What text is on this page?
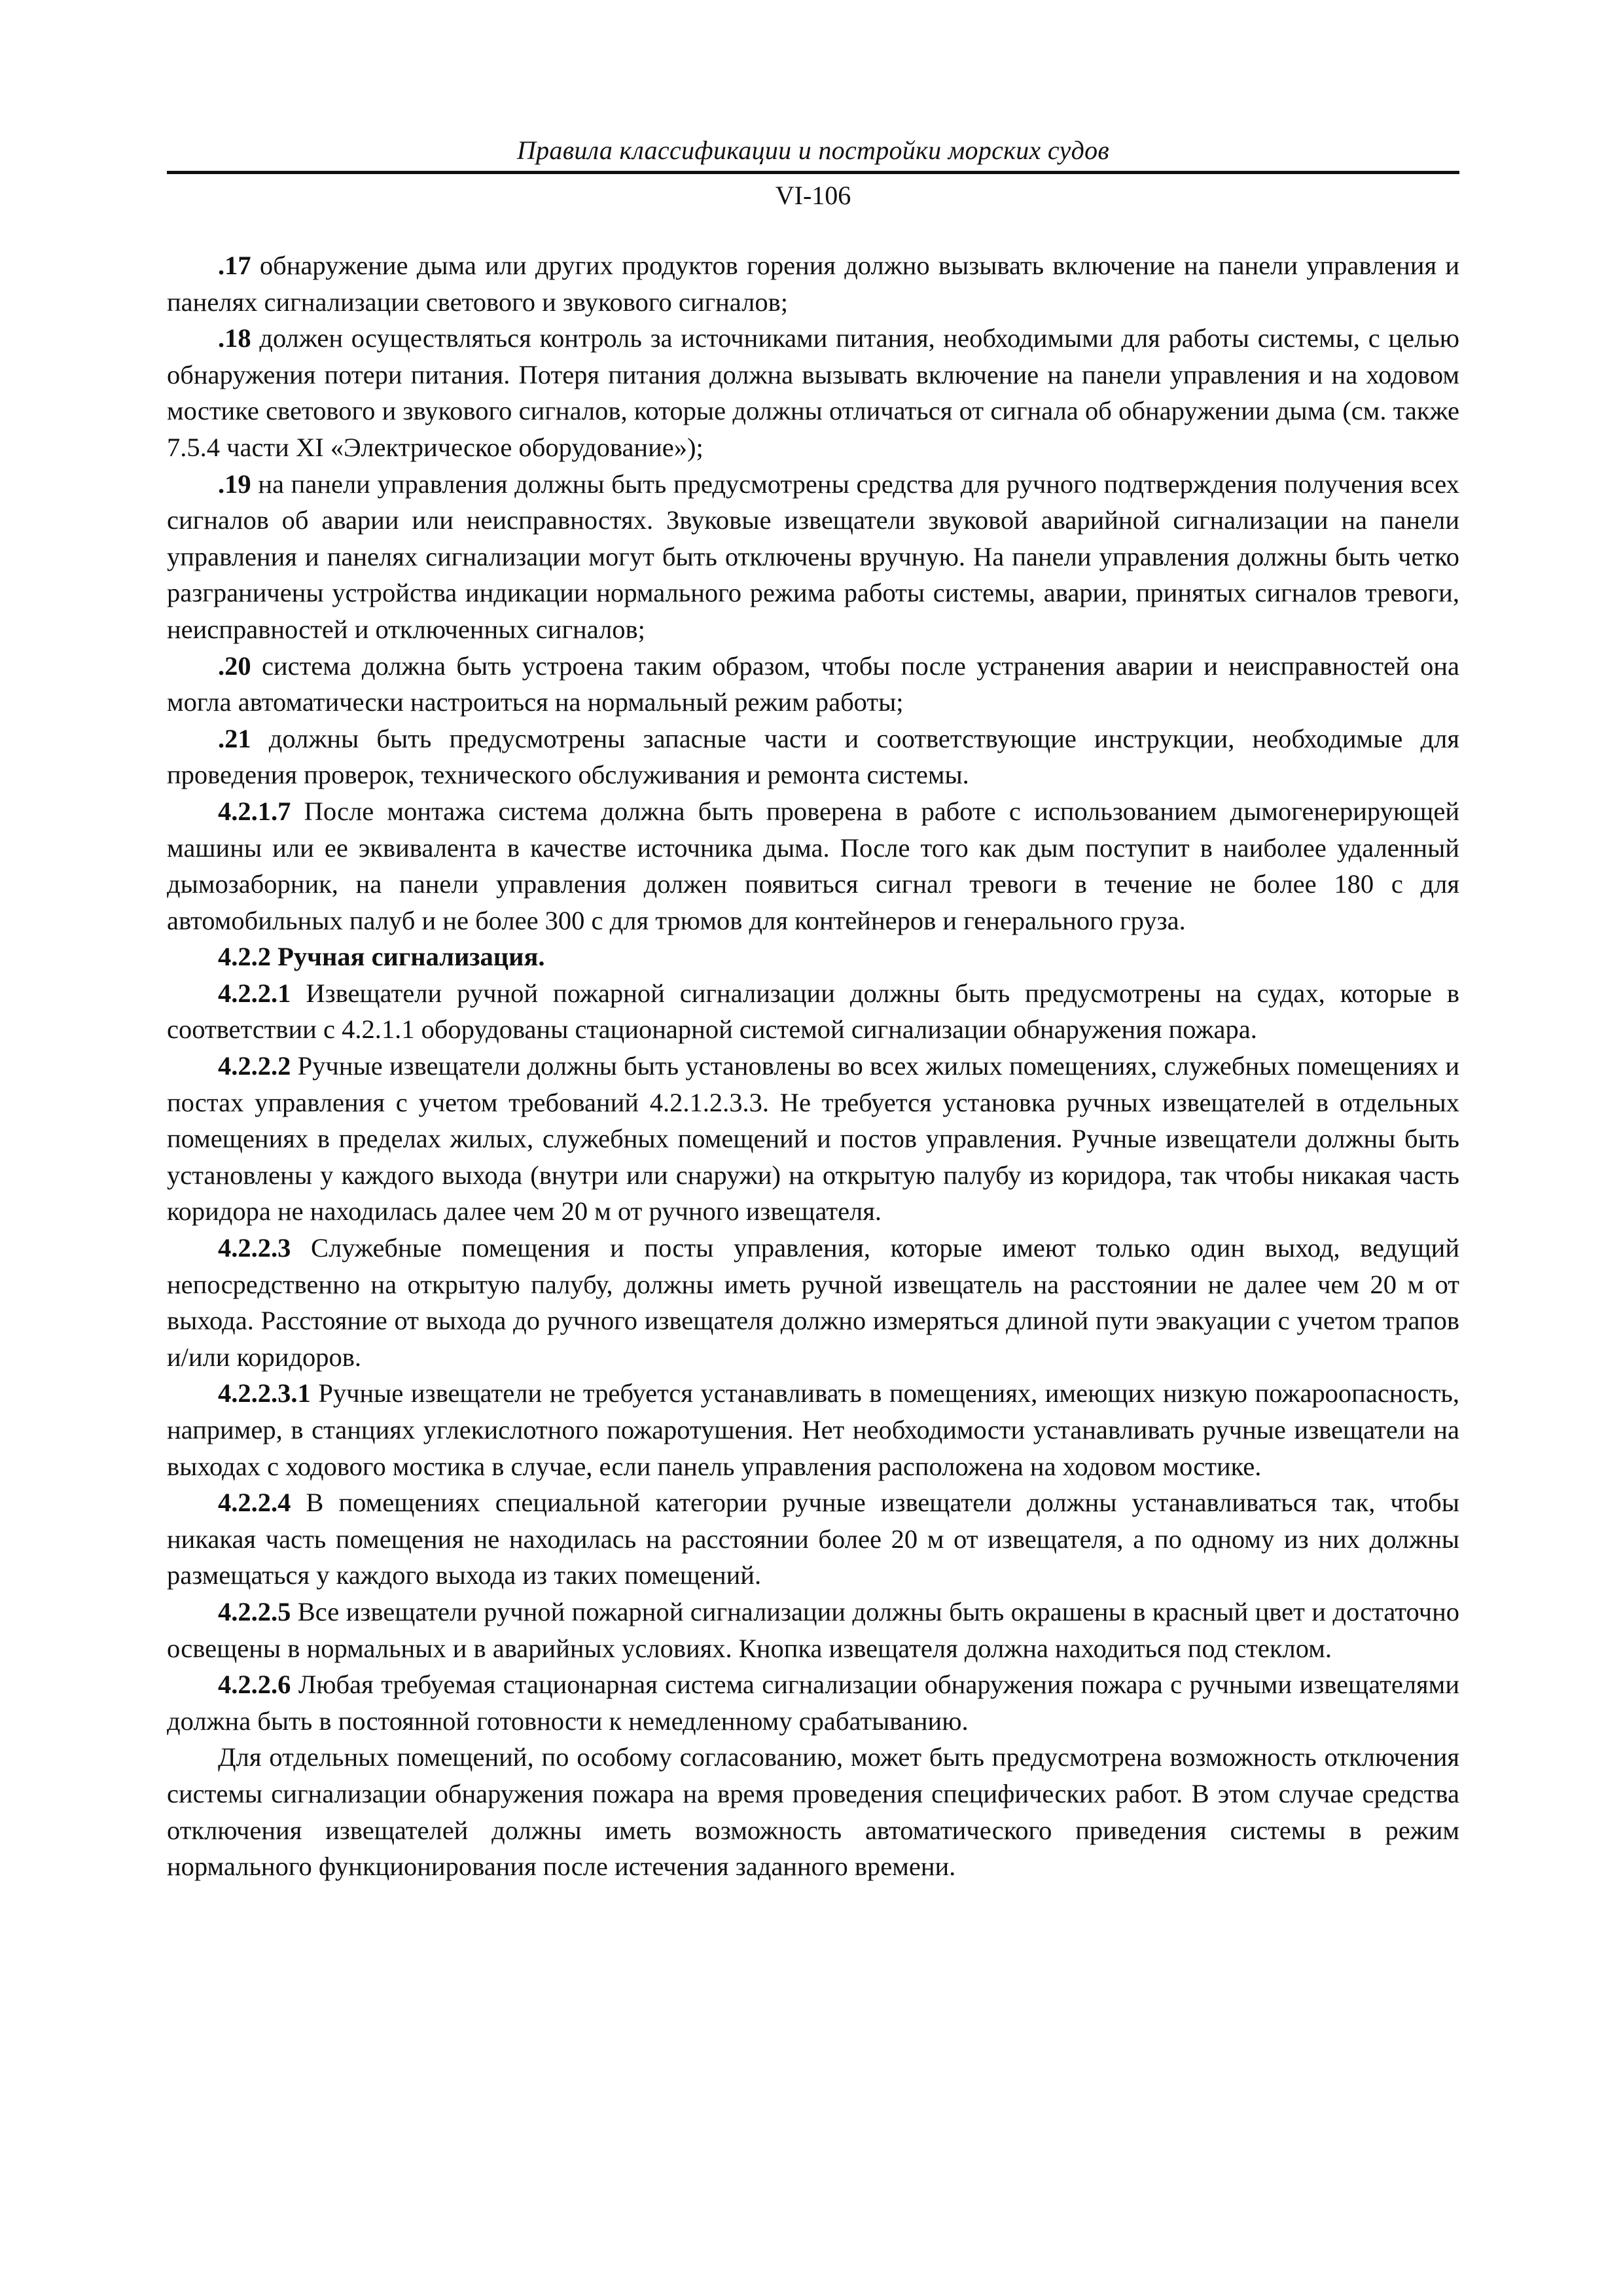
Правила классификации и постройки морских судов
VI-106

.17 обнаружение дыма или других продуктов горения должно вызывать включение на панели управления и панелях сигнализации светового и звукового сигналов;

.18 должен осуществляться контроль за источниками питания, необходимыми для работы системы, с целью обнаружения потери питания. Потеря питания должна вызывать включение на панели управления и на ходовом мостике светового и звукового сигналов, которые должны отличаться от сигнала об обнаружении дыма (см. также 7.5.4 части XI «Электрическое оборудование»);

.19 на панели управления должны быть предусмотрены средства для ручного подтверждения получения всех сигналов об аварии или неисправностях. Звуковые извещатели звуковой аварийной сигнализации на панели управления и панелях сигнализации могут быть отключены вручную. На панели управления должны быть четко разграничены устройства индикации нормального режима работы системы, аварии, принятых сигналов тревоги, неисправностей и отключенных сигналов;

.20 система должна быть устроена таким образом, чтобы после устранения аварии и неисправностей она могла автоматически настроиться на нормальный режим работы;

.21 должны быть предусмотрены запасные части и соответствующие инструкции, необходимые для проведения проверок, технического обслуживания и ремонта системы.

4.2.1.7 После монтажа система должна быть проверена в работе с использованием дымогенерирующей машины или ее эквивалента в качестве источника дыма. После того как дым поступит в наиболее удаленный дымозаборник, на панели управления должен появиться сигнал тревоги в течение не более 180 с для автомобильных палуб и не более 300 с для трюмов для контейнеров и генерального груза.

4.2.2 Ручная сигнализация.

4.2.2.1 Извещатели ручной пожарной сигнализации должны быть предусмотрены на судах, которые в соответствии с 4.2.1.1 оборудованы стационарной системой сигнализации обнаружения пожара.

4.2.2.2 Ручные извещатели должны быть установлены во всех жилых помещениях, служебных помещениях и постах управления с учетом требований 4.2.1.2.3.3. Не требуется установка ручных извещателей в отдельных помещениях в пределах жилых, служебных помещений и постов управления. Ручные извещатели должны быть установлены у каждого выхода (внутри или снаружи) на открытую палубу из коридора, так чтобы никакая часть коридора не находилась далее чем 20 м от ручного извещателя.

4.2.2.3 Служебные помещения и посты управления, которые имеют только один выход, ведущий непосредственно на открытую палубу, должны иметь ручной извещатель на расстоянии не далее чем 20 м от выхода. Расстояние от выхода до ручного извещателя должно измеряться длиной пути эвакуации с учетом трапов и/или коридоров.

4.2.2.3.1 Ручные извещатели не требуется устанавливать в помещениях, имеющих низкую пожароопасность, например, в станциях углекислотного пожаротушения. Нет необходимости устанавливать ручные извещатели на выходах с ходового мостика в случае, если панель управления расположена на ходовом мостике.

4.2.2.4 В помещениях специальной категории ручные извещатели должны устанавливаться так, чтобы никакая часть помещения не находилась на расстоянии более 20 м от извещателя, а по одному из них должны размещаться у каждого выхода из таких помещений.

4.2.2.5 Все извещатели ручной пожарной сигнализации должны быть окрашены в красный цвет и достаточно освещены в нормальных и в аварийных условиях. Кнопка извещателя должна находиться под стеклом.

4.2.2.6 Любая требуемая стационарная система сигнализации обнаружения пожара с ручными извещателями должна быть в постоянной готовности к немедленному срабатыванию.

Для отдельных помещений, по особому согласованию, может быть предусмотрена возможность отключения системы сигнализации обнаружения пожара на время проведения специфических работ. В этом случае средства отключения извещателей должны иметь возможность автоматического приведения системы в режим нормального функционирования после истечения заданного времени.
